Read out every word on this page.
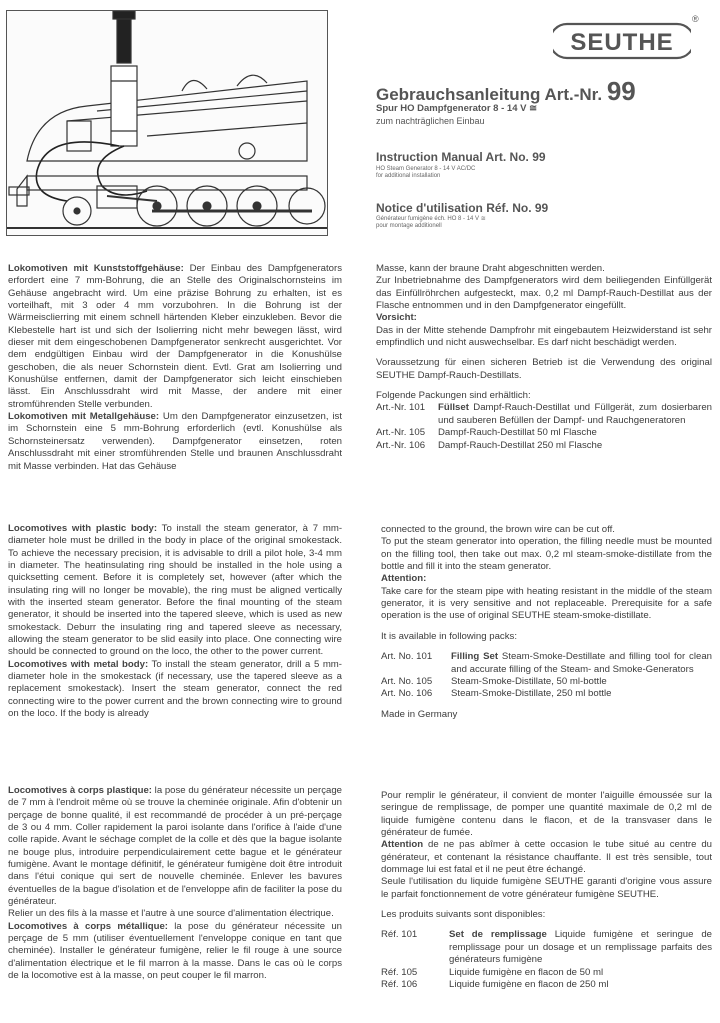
SEUTHE
®
Gebrauchsanleitung Art.-Nr. 99
Spur HO Dampfgenerator 8 - 14 V ≅
zum nachträglichen Einbau
Instruction Manual Art. No. 99
HO Steam Generator 8 - 14 V AC/DC
for additional installation
Notice d'utilisation Réf. No. 99
Générateur fumigène éch. HO 8 - 14 V ≅
pour montage additionell

Lokomotiven mit Kunststoffgehäuse: Der Einbau des Dampfgenerators erfordert eine 7 mm-Bohrung, die an Stelle des Originalschornsteins im Gehäuse angebracht wird. Um eine präzise Bohrung zu erhalten, ist es vorteilhaft, mit 3 oder 4 mm vorzubohren. In die Bohrung ist der Wärmeisclierring mit einem schnell härtenden Kleber einzukleben. Bevor die Klebestelle hart ist und sich der Isolierring nicht mehr bewegen lässt, wird dieser mit dem eingeschobenen Dampfgenerator senkrecht ausgerichtet. Vor dem endgültigen Einbau wird der Dampfgenerator in die Konushülse geschoben, die als neuer Schornstein dient. Evtl. Grat am Isolierring und Konushülse entfernen, damit der Dampfgenerator sich leicht einschieben lässt. Ein Anschlussdraht wird mit Masse, der andere mit einer stromführenden Stelle verbunden.

Lokomotiven mit Metallgehäuse: Um den Dampfgenerator einzusetzen, ist im Schornstein eine 5 mm-Bohrung erforderlich (evtl. Konushülse als Schornsteinersatz verwenden). Dampfgenerator einsetzen, roten Anschlussdraht mit einer stromführenden Stelle und braunen Anschlussdraht mit Masse verbinden. Hat das Gehäuse

Masse, kann der braune Draht abgeschnitten werden.

Zur Inbetriebnahme des Dampfgenerators wird dem beiliegenden Einfüllgerät das Einfüllröhrchen aufgesteckt, max. 0,2 ml Dampf-Rauch-Destillat aus der Flasche entnommen und in den Dampfgenerator eingefüllt.

Vorsicht:

Das in der Mitte stehende Dampfrohr mit eingebautem Heizwiderstand ist sehr empfindlich und nicht auswechselbar. Es darf nicht beschädigt werden.

Voraussetzung für einen sicheren Betrieb ist die Verwendung des original SEUTHE Dampf-Rauch-Destillats.

Folgende Packungen sind erhältlich:

Art.-Nr. 101	Füllset Dampf-Rauch-Destillat und Füllgerät, zum dosierbaren und sauberen Befüllen der Dampf- und Rauchgeneratoren
Art.-Nr. 105	Dampf-Rauch-Destillat 50 ml Flasche
Art.-Nr. 106	Dampf-Rauch-Destillat 250 ml Flasche

Locomotives with plastic body: To install the steam generator, à 7 mm-diameter hole must be drilled in the body in place of the original smokestack. To achieve the necessary precision, it is advisable to drill a pilot hole, 3-4 mm in diameter. The heatinsulating ring should be installed in the hole using a quicksetting cement. Before it is completely set, however (after which the insulating ring will no longer be movable), the ring must be aligned vertically with the inserted steam generator. Before the final mounting of the steam generator, it should be inserted into the tapered sleeve, which is used as new smokestack. Deburr the insulating ring and tapered sleeve as necessary, allowing the steam generator to be slid easily into place. One connecting wire should be connected to ground on the loco, the other to the power current.

Locomotives with metal body: To install the steam generator, drill a 5 mm-diameter hole in the smokestack (if necessary, use the tapered sleeve as a replacement smokestack). Insert the steam generator, connect the red connecting wire to the power current and the brown connecting wire to ground on the loco. If the body is already

connected to the ground, the brown wire can be cut off.

To put the steam generator into operation, the filling needle must be mounted on the filling tool, then take out max. 0,2 ml steam-smoke-distillate from the bottle and fill it into the steam generator.

Attention:

Take care for the steam pipe with heating resistant in the middle of the steam generator, it is very sensitive and not replaceable. Prerequisite for a safe operation is the use of original SEUTHE steam-smoke-distillate.

It is available in following packs:

Art. No. 101	Filling Set Steam-Smoke-Destillate and filling tool for clean and accurate filling of the Steam- and Smoke-Generators
Art. No. 105	Steam-Smoke-Distillate, 50 ml-bottle
Art. No. 106	Steam-Smoke-Distillate, 250 ml bottle

Made in Germany

Locomotives à corps plastique: la pose du générateur nécessite un perçage de 7 mm à l'endroit même où se trouve la cheminée originale. Afin d'obtenir un perçage de bonne qualité, il est recommandé de procéder à un pré-perçage de 3 ou 4 mm. Coller rapidement la paroi isolante dans l'orifice à l'aide d'une colle rapide. Avant le séchage complet de la colle et dès que la bague isolante ne bouge plus, introduire perpendiculairement cette bague et le générateur fumigène. Avant le montage définitif, le générateur fumigène doit être introduit dans l'étui conique qui sert de nouvelle cheminée. Enlever les bavures éventuelles de la bague d'isolation et de l'enveloppe afin de faciliter la pose du générateur.

Relier un des fils à la masse et l'autre à une source d'alimentation électrique.

Locomotives à corps métallique: la pose du générateur nécessite un perçage de 5 mm (utiliser éventuellement l'enveloppe conique en tant que cheminée). Installer le générateur fumigène, relier le fil rouge à une source d'alimentation électrique et le fil marron à la masse. Dans le cas où le corps de la locomotive est à la masse, on peut couper le fil marron.

Pour remplir le générateur, il convient de monter l'aiguille émoussée sur la seringue de remplissage, de pomper une quantité maximale de 0,2 ml de liquide fumigène contenu dans le flacon, et de la transvaser dans le générateur de fumée.

Attention de ne pas abîmer à cette occasion le tube situé au centre du générateur, et contenant la résistance chauffante. Il est très sensible, tout dommage lui est fatal et il ne peut être échangé.

Seule l'utilisation du liquide fumigène SEUTHE garanti d'origine vous assure le parfait fonctionnement de votre générateur fumigène SEUTHE.

Les produits suivants sont disponibles:

Réf. 101	Set de remplissage Liquide fumigène et seringue de remplissage pour un dosage et un remplissage parfaits des générateurs fumigène
Réf. 105	Liquide fumigène en flacon de 50 ml
Réf. 106	Liquide fumigène en flacon de 250 ml
